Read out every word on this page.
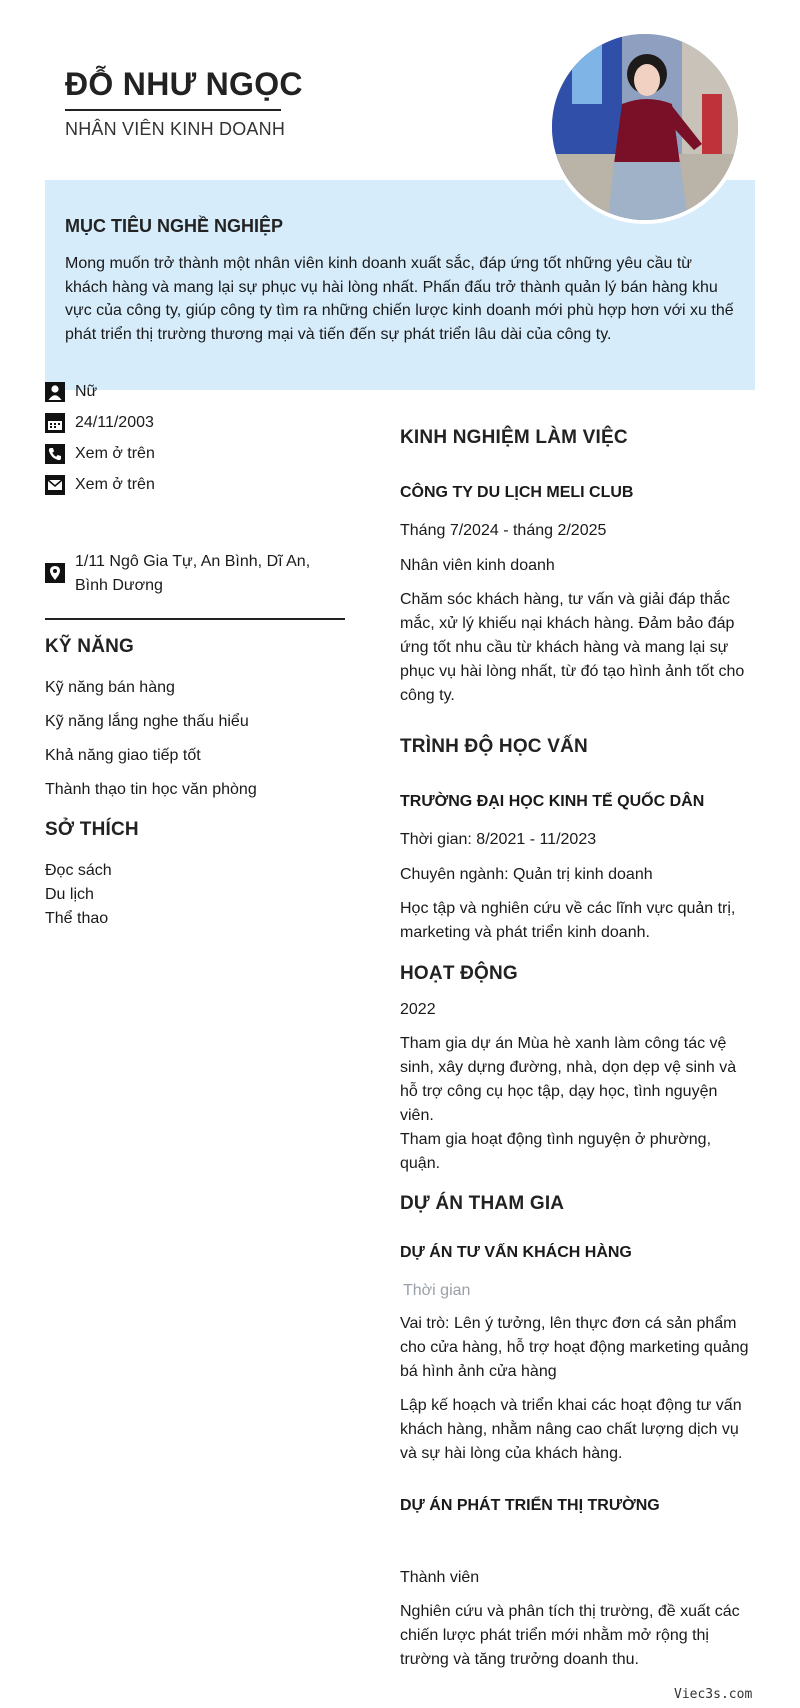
ĐỖ NHƯ NGỌC
NHÂN VIÊN KINH DOANH
MỤC TIÊU NGHỀ NGHIỆP

Mong muốn trở thành một nhân viên kinh doanh xuất sắc, đáp ứng tốt những yêu cầu từ khách hàng và mang lại sự phục vụ hài lòng nhất. Phấn đấu trở thành quản lý bán hàng khu vực của công ty, giúp công ty tìm ra những chiến lược kinh doanh mới phù hợp hơn với xu thế phát triển thị trường thương mại và tiến đến sự phát triển lâu dài của công ty.

Nữ
24/11/2003
Xem ở trên
Xem ở trên
1/11 Ngô Gia Tự, An Bình, Dĩ An, Bình Dương
KỸ NĂNG
Kỹ năng bán hàng
Kỹ năng lắng nghe thấu hiểu
Khả năng giao tiếp tốt
Thành thạo tin học văn phòng
SỞ THÍCH
Đọc sách
Du lịch
Thể thao
KINH NGHIỆM LÀM VIỆC
CÔNG TY DU LỊCH MELI CLUB
Tháng 7/2024 - tháng 2/2025
Nhân viên kinh doanh
Chăm sóc khách hàng, tư vấn và giải đáp thắc mắc, xử lý khiếu nại khách hàng. Đảm bảo đáp ứng tốt nhu cầu từ khách hàng và mang lại sự phục vụ hài lòng nhất, từ đó tạo hình ảnh tốt cho công ty.
TRÌNH ĐỘ HỌC VẤN
TRƯỜNG ĐẠI HỌC KINH TẾ QUỐC DÂN
Thời gian: 8/2021 - 11/2023
Chuyên ngành: Quản trị kinh doanh
Học tập và nghiên cứu về các lĩnh vực quản trị, marketing và phát triển kinh doanh.
HOẠT ĐỘNG
2022
Tham gia dự án Mùa hè xanh làm công tác vệ sinh, xây dựng đường, nhà, dọn dẹp vệ sinh và hỗ trợ công cụ học tập, dạy học, tình nguyện viên.
Tham gia hoạt động tình nguyện ở phường, quận.
DỰ ÁN THAM GIA
DỰ ÁN TƯ VẤN KHÁCH HÀNG
Thời gian
Vai trò: Lên ý tưởng, lên thực đơn cá sản phẩm cho cửa hàng, hỗ trợ hoạt động marketing quảng bá hình ảnh cửa hàng
Lập kế hoạch và triển khai các hoạt động tư vấn khách hàng, nhằm nâng cao chất lượng dịch vụ và sự hài lòng của khách hàng.
DỰ ÁN PHÁT TRIỂN THỊ TRƯỜNG
Thành viên
Nghiên cứu và phân tích thị trường, đề xuất các chiến lược phát triển mới nhằm mở rộng thị trường và tăng trưởng doanh thu.
Viec3s.com
